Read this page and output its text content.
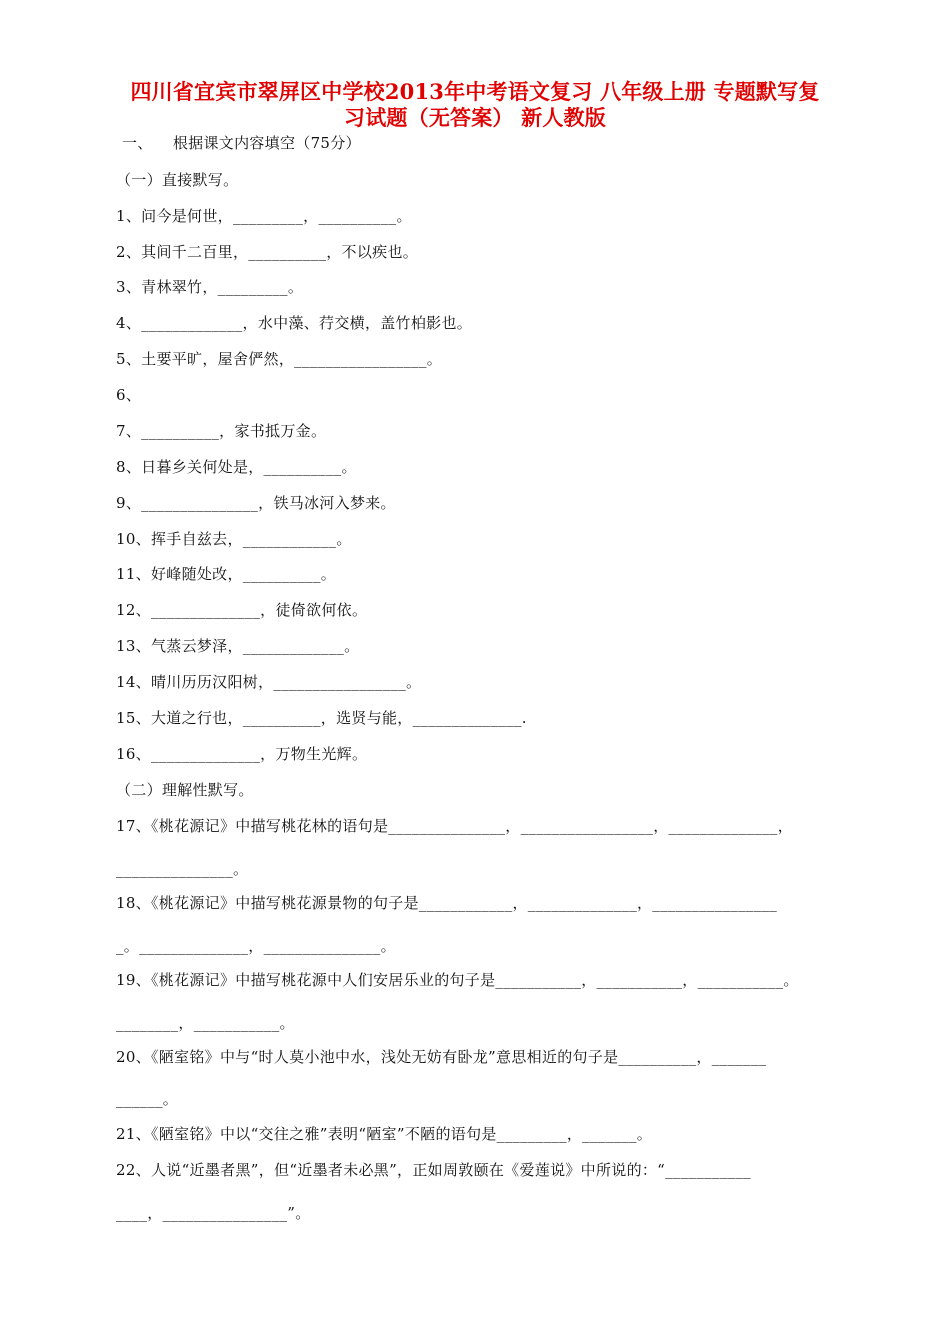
四川省宜宾市翠屏区中学校2013年中考语文复习 八年级上册 专题默写复
习试题（无答案） 新人教版
一、    根据课文内容填空（75分）
（一）直接默写。
1、问今是何世，_________，__________。
2、其间千二百里，__________，不以疾也。
3、青林翠竹，_________。
4、_____________，水中藻、荇交横，盖竹柏影也。
5、土要平旷，屋舍俨然，_________________。
6、
7、__________，家书抵万金。
8、日暮乡关何处是，__________。
9、_______________，铁马冰河入梦来。
10、挥手自兹去，____________。
11、好峰随处改，__________。
12、______________，徒倚欲何依。
13、气蒸云梦泽，_____________。
14、晴川历历汉阳树，_________________。
15、大道之行也，__________，选贤与能，______________.
16、______________，万物生光辉。
（二）理解性默写。
17、《桃花源记》中描写桃花林的语句是_______________，_________________，______________，
_______________。
18、《桃花源记》中描写桃花源景物的句子是____________，______________，________________
_。______________，_______________。
19、《桃花源记》中描写桃花源中人们安居乐业的句子是___________，___________，___________。
________，___________。
20、《陋室铭》中与“时人莫小池中水，浅处无妨有卧龙”意思相近的句子是__________，_______
______。
21、《陋室铭》中以“交往之雅”表明“陋室”不陋的语句是_________，_______。
22、人说“近墨者黑”，但“近墨者未必黑”，正如周敦颐在《爱莲说》中所说的：“___________
____，________________”。
